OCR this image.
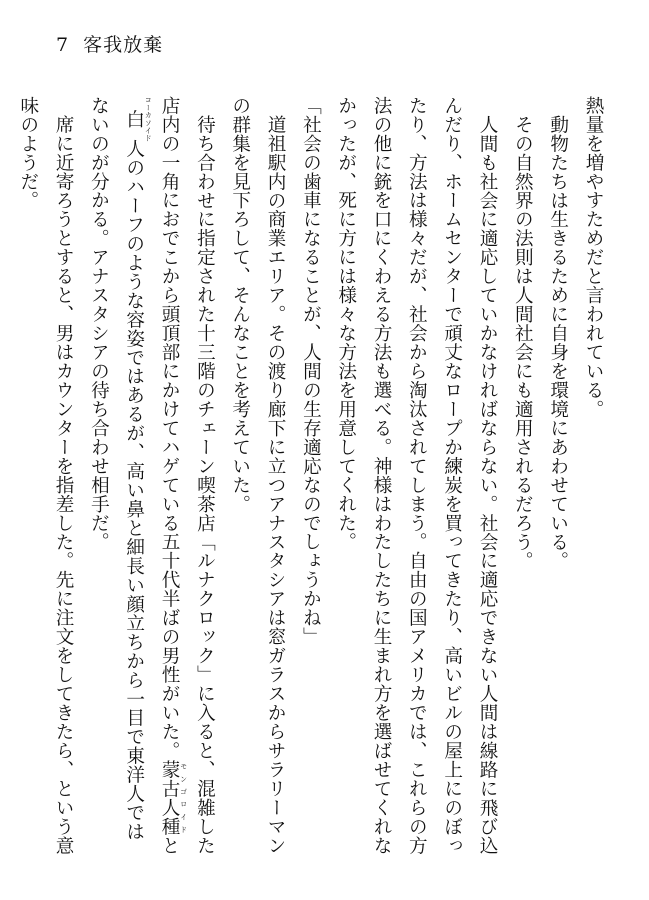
7 客我放棄

熱量を増やすためだと言われている。

動物たちは生きるために自身を環境にあわせている。

その自然界の法則は人間社会にも適用されるだろう。

人間も社会に適応していかなければならない。社会に適応できない人間は線路に飛び込んだり、ホームセンターで頑丈なロープか練炭を買ってきたり、高いビルの屋上にのぼったり、方法は様々だが、社会から淘汰されてしまう。自由の国アメリカでは、これらの方法の他に銃を口にくわえる方法も選べる。神様はわたしたちに生まれ方を選ばせてくれなかったが、死に方には様々な方法を用意してくれた。

「社会の歯車になることが、人間の生存適応なのでしょうかね」

道祖駅内の商業エリア。その渡り廊下に立つアナスタシアは窓ガラスからサラリーマンの群集を見下ろして、そんなことを考えていた。

待ち合わせに指定された十三階のチェーン喫茶店「ルナクロック」に入ると、混雑した店内の一角におでこから頭頂部にかけてハゲている五十代半ばの男性がいた。蒙古人種 モンゴロイドと白 コーカソイド人のハーフのような容姿ではあるが、高い鼻と細長い顔立ちから一目で東洋人ではないのが分かる。アナスタシアの待ち合わせ相手だ。

席に近寄ろうとすると、男はカウンターを指差した。先に注文をしてきたら、という意味のようだ。
